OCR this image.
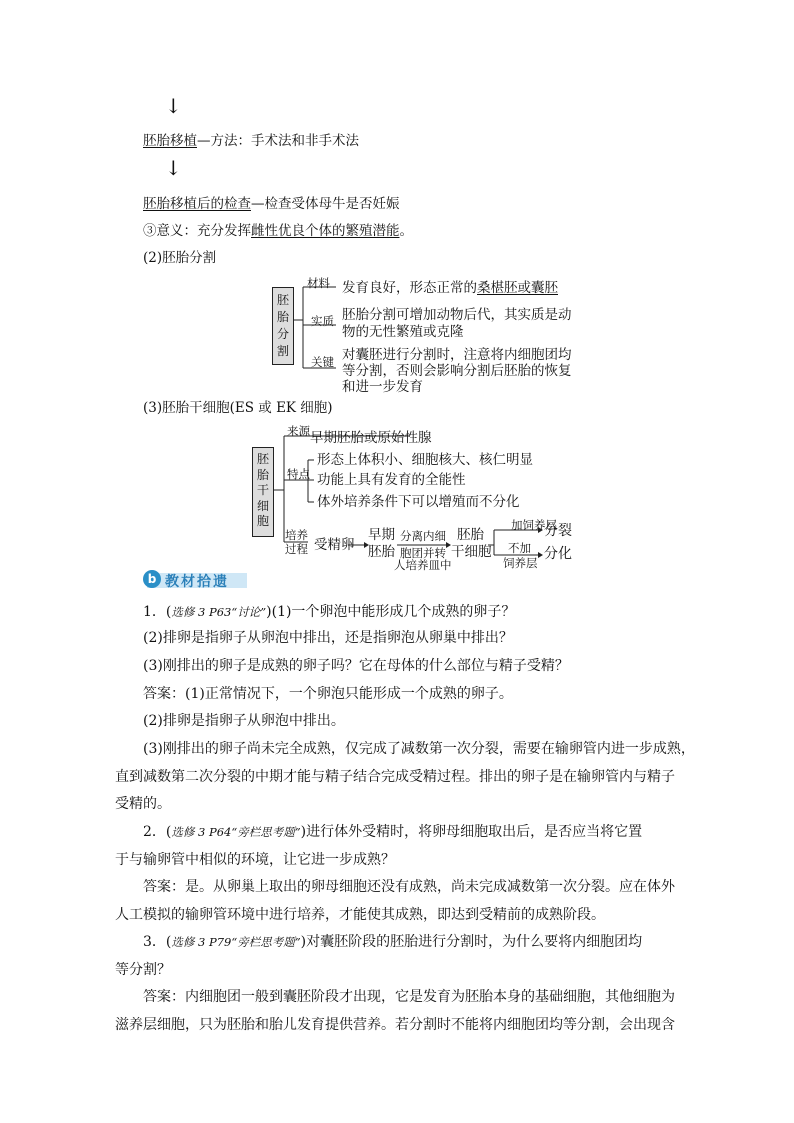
↓
胚胎移植—方法：手术法和非手术法
↓
胚胎移植后的检查—检查受体母牛是否妊娠
③意义：充分发挥雌性优良个体的繁殖潜能。
(2)胚胎分割
胚胎分割
材料
实质
关键
发育良好，形态正常的桑椹胚或囊胚
胚胎分割可增加动物后代，其实质是动
物的无性繁殖或克隆
对囊胚进行分割时，注意将内细胞团均
等分割，否则会影响分割后胚胎的恢复
和进一步发育
(3)胚胎干细胞(ES 或 EK 细胞)
胚胎干细胞
来源 早期胚胎或原始性腺
特点
形态上体积小、细胞核大、核仁明显
功能上具有发育的全能性
体外培养条件下可以增殖而不分化
培养
过程 受精卵
早期
胚胎
分离内细
胞团并转
人培养皿中
胚胎
干细胞
加饲养层
分裂
不加
饲养层
分化
b 教材拾遗
1．(选修 3 P63“讨论”)(1)一个卵泡中能形成几个成熟的卵子？
(2)排卵是指卵子从卵泡中排出，还是指卵泡从卵巢中排出？
(3)刚排出的卵子是成熟的卵子吗？它在母体的什么部位与精子受精？
答案：(1)正常情况下，一个卵泡只能形成一个成熟的卵子。
(2)排卵是指卵子从卵泡中排出。
(3)刚排出的卵子尚未完全成熟，仅完成了减数第一次分裂，需要在输卵管内进一步成熟，
直到减数第二次分裂的中期才能与精子结合完成受精过程。排出的卵子是在输卵管内与精子
受精的。
2．(选修 3 P64“旁栏思考题”)进行体外受精时，将卵母细胞取出后，是否应当将它置
于与输卵管中相似的环境，让它进一步成熟？
答案：是。从卵巢上取出的卵母细胞还没有成熟，尚未完成减数第一次分裂。应在体外
人工模拟的输卵管环境中进行培养，才能使其成熟，即达到受精前的成熟阶段。
3．(选修 3 P79“旁栏思考题”)对囊胚阶段的胚胎进行分割时，为什么要将内细胞团均
等分割？
答案：内细胞团一般到囊胚阶段才出现，它是发育为胚胎本身的基础细胞，其他细胞为
滋养层细胞，只为胚胎和胎儿发育提供营养。若分割时不能将内细胞团均等分割，会出现含
